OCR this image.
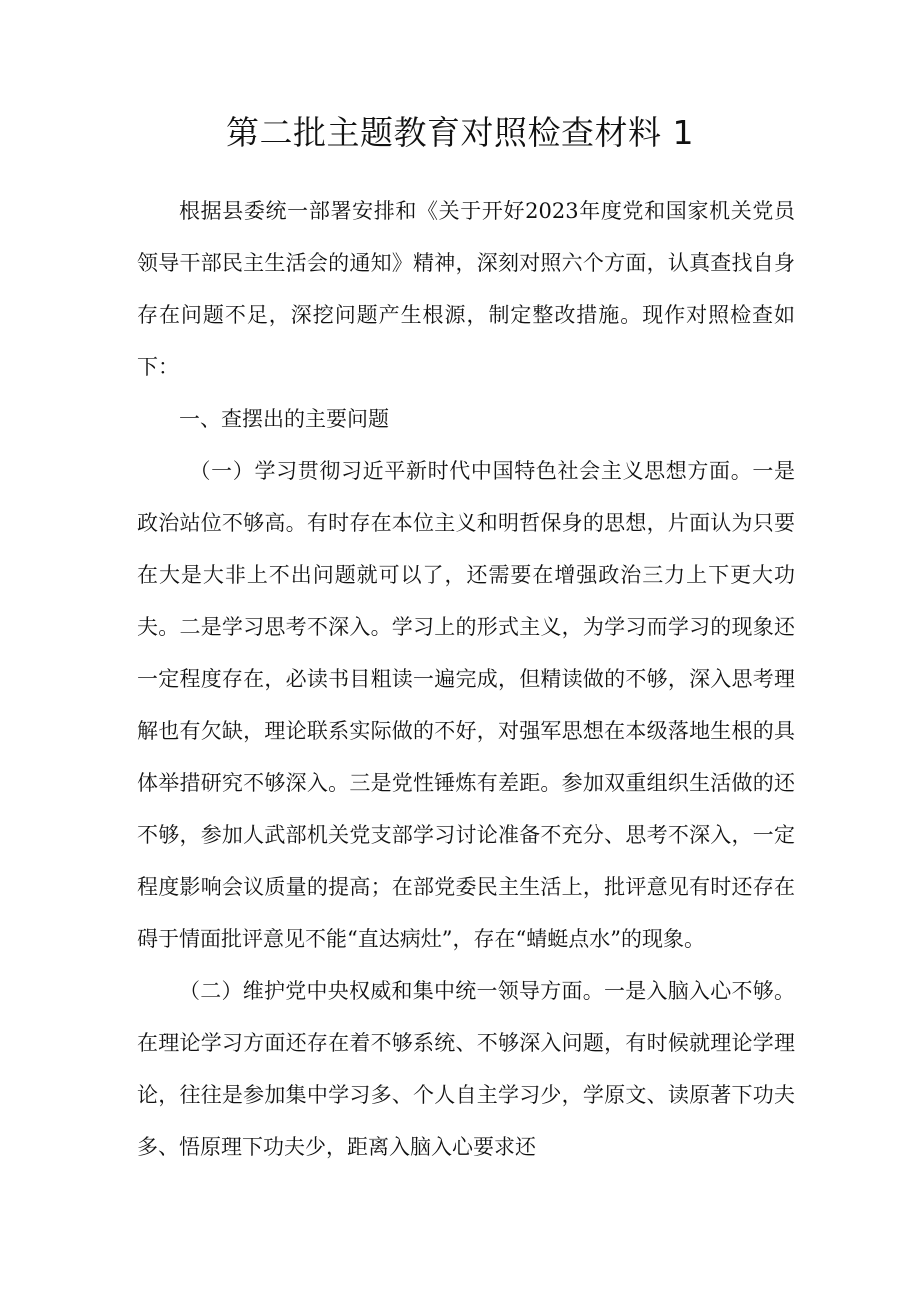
第二批主题教育对照检查材料 1

根据县委统一部署安排和《关于开好2023年度党和国家机关党员领导干部民主生活会的通知》精神，深刻对照六个方面，认真查找自身存在问题不足，深挖问题产生根源，制定整改措施。现作对照检查如下：

一、查摆出的主要问题

（一）学习贯彻习近平新时代中国特色社会主义思想方面。一是政治站位不够高。有时存在本位主义和明哲保身的思想，片面认为只要在大是大非上不出问题就可以了，还需要在增强政治三力上下更大功夫。二是学习思考不深入。学习上的形式主义，为学习而学习的现象还一定程度存在，必读书目粗读一遍完成，但精读做的不够，深入思考理解也有欠缺，理论联系实际做的不好，对强军思想在本级落地生根的具体举措研究不够深入。三是党性锤炼有差距。参加双重组织生活做的还不够，参加人武部机关党支部学习讨论准备不充分、思考不深入，一定程度影响会议质量的提高；在部党委民主生活上，批评意见有时还存在碍于情面批评意见不能“直达病灶”，存在“蜻蜓点水”的现象。

（二）维护党中央权威和集中统一领导方面。一是入脑入心不够。在理论学习方面还存在着不够系统、不够深入问题，有时候就理论学理论，往往是参加集中学习多、个人自主学习少，学原文、读原著下功夫多、悟原理下功夫少，距离入脑入心要求还
